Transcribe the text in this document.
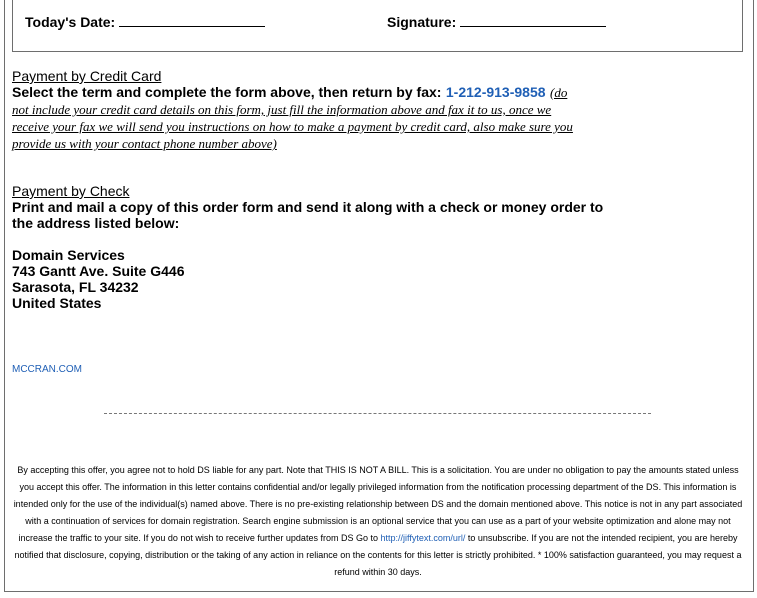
Today's Date:	Signature:
Payment by Credit Card
Select the term and complete the form above, then return by fax: 1-212-913-9858 (do not include your credit card details on this form, just fill the information above and fax it to us, once we receive your fax we will send you instructions on how to make a payment by credit card, also make sure you provide us with your contact phone number above)
Payment by Check
Print and mail a copy of this order form and send it along with a check or money order to
the address listed below:
Domain Services
743 Gantt Ave. Suite G446
Sarasota, FL 34232
United States
MCCRAN.COM
By accepting this offer, you agree not to hold DS liable for any part. Note that THIS IS NOT A BILL. This is a solicitation. You are under no obligation to pay the amounts stated unless you accept this offer. The information in this letter contains confidential and/or legally privileged information from the notification processing department of the DS. This information is intended only for the use of the individual(s) named above. There is no pre-existing relationship between DS and the domain mentioned above. This notice is not in any part associated with a continuation of services for domain registration. Search engine submission is an optional service that you can use as a part of your website optimization and alone may not increase the traffic to your site. If you do not wish to receive further updates from DS Go to http://jiffytext.com/url/ to unsubscribe. If you are not the intended recipient, you are hereby notified that disclosure, copying, distribution or the taking of any action in reliance on the contents for this letter is strictly prohibited. * 100% satisfaction guaranteed, you may request a refund within 30 days.
